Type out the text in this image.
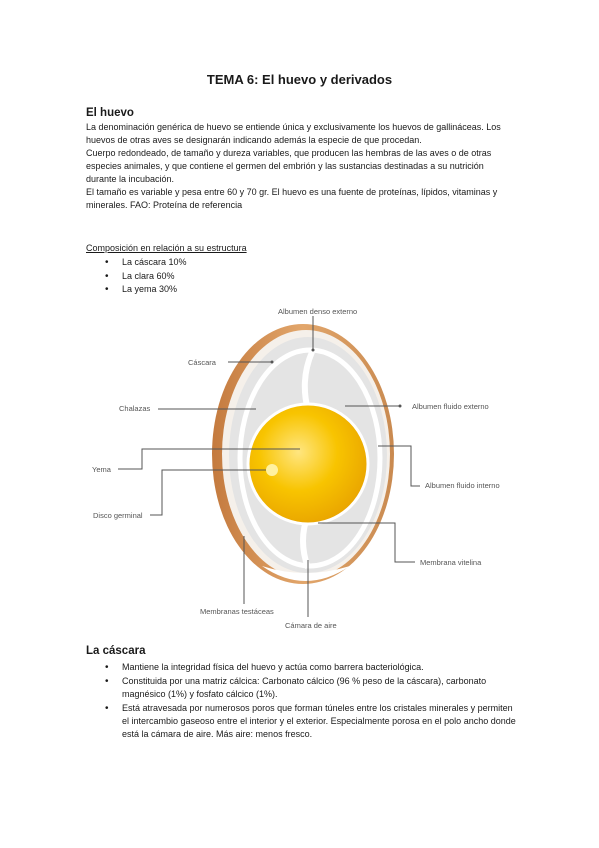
TEMA 6: El huevo y derivados
El huevo

La denominación genérica de huevo se entiende única y exclusivamente los huevos de gallináceas. Los huevos de otras aves se designarán indicando además la especie de que procedan.

Cuerpo redondeado, de tamaño y dureza variables, que producen las hembras de las aves o de otras especies animales, y que contiene el germen del embrión y las sustancias destinadas a su nutrición durante la incubación.

El tamaño es variable y pesa entre 60 y 70 gr. El huevo es una fuente de proteínas, lípidos, vitaminas y minerales. FAO: Proteína de referencia

Composición en relación a su estructura
• La cáscara 10%
• La clara 60%
• La yema 30%
Albumen denso externo
Cáscara
Albumen fluido externo
Chalazas
Yema
Albumen fluido interno
Disco germinal
Membrana vitelina
Membranas testáceas
Cámara de aire
La cáscara
• Mantiene la integridad física del huevo y actúa como barrera bacteriológica.
• Constituida por una matriz cálcica: Carbonato cálcico (96 % peso de la cáscara), carbonato magnésico (1%) y fosfato cálcico (1%).
• Está atravesada por numerosos poros que forman túneles entre los cristales minerales y permiten el intercambio gaseoso entre el interior y el exterior. Especialmente porosa en el polo ancho donde está la cámara de aire. Más aire: menos fresco.
